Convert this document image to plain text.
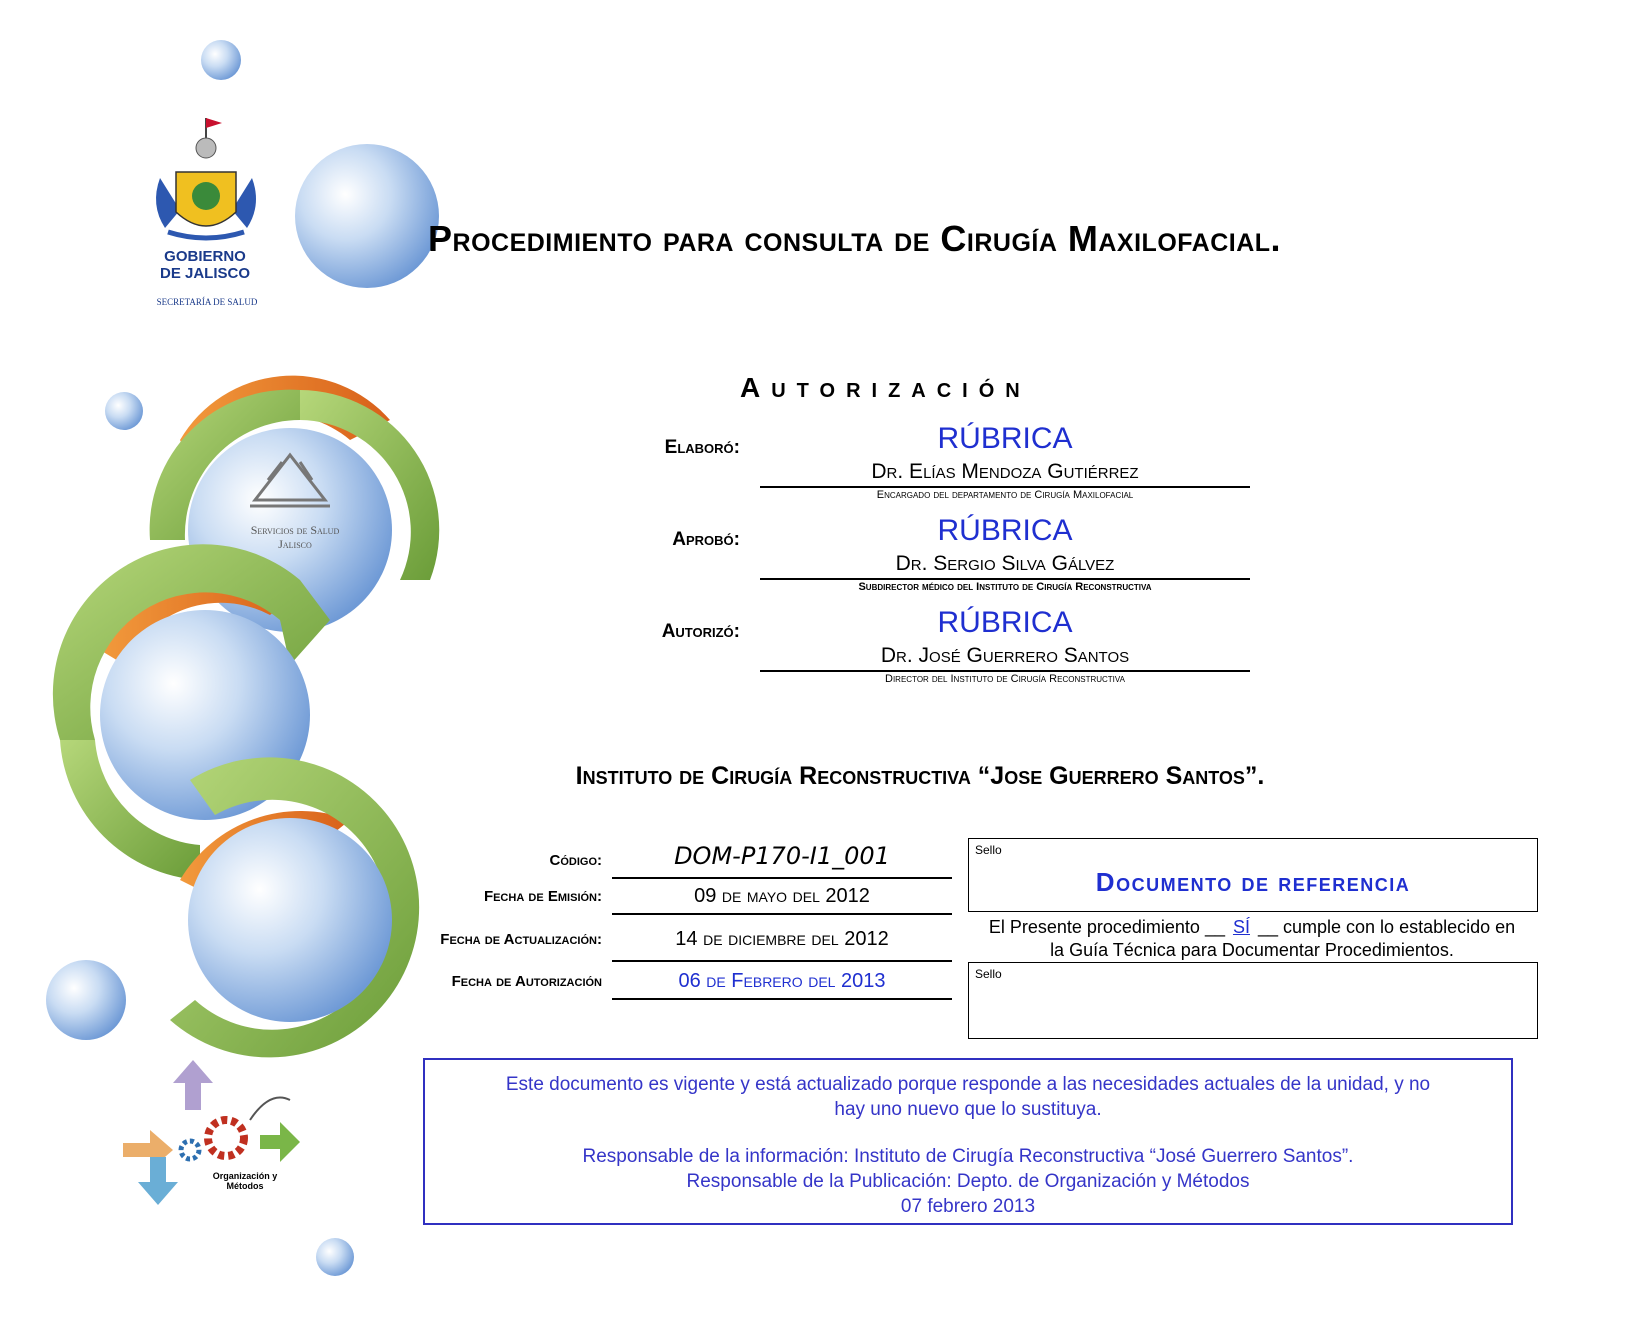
GOBIERNO
DE JALISCO
SECRETARÍA DE SALUD
Servicios de Salud
Jalisco
Organización y
Métodos
Procedimiento para consulta de Cirugía Maxilofacial.
Autorización
Elaboró:	RÚBRICA
Dr. Elías Mendoza Gutiérrez
Encargado del departamento de Cirugía Maxilofacial
Aprobó:	RÚBRICA
Dr. Sergio Silva Gálvez
Subdirector médico del Instituto de Cirugía Reconstructiva
Autorizó:	RÚBRICA
Dr. José Guerrero Santos
Director del Instituto de Cirugía Reconstructiva
Instituto de Cirugía Reconstructiva “Jose Guerrero Santos”.
Código:	DOM-P170-I1_001
Fecha de Emisión:	09 de mayo del 2012
Fecha de Actualización:	14 de diciembre del 2012
Fecha de Autorización	06 de Febrero del 2013
Sello
Documento de referencia
El Presente procedimiento __ SÍ __ cumple con lo establecido en
la Guía Técnica para Documentar Procedimientos.
Sello

Este documento es vigente y está actualizado porque responde a las necesidades actuales de la unidad, y no

hay uno nuevo que lo sustituya.

Responsable de la información: Instituto de Cirugía Reconstructiva “José Guerrero Santos”.

Responsable de la Publicación: Depto. de Organización y Métodos

07 febrero 2013
